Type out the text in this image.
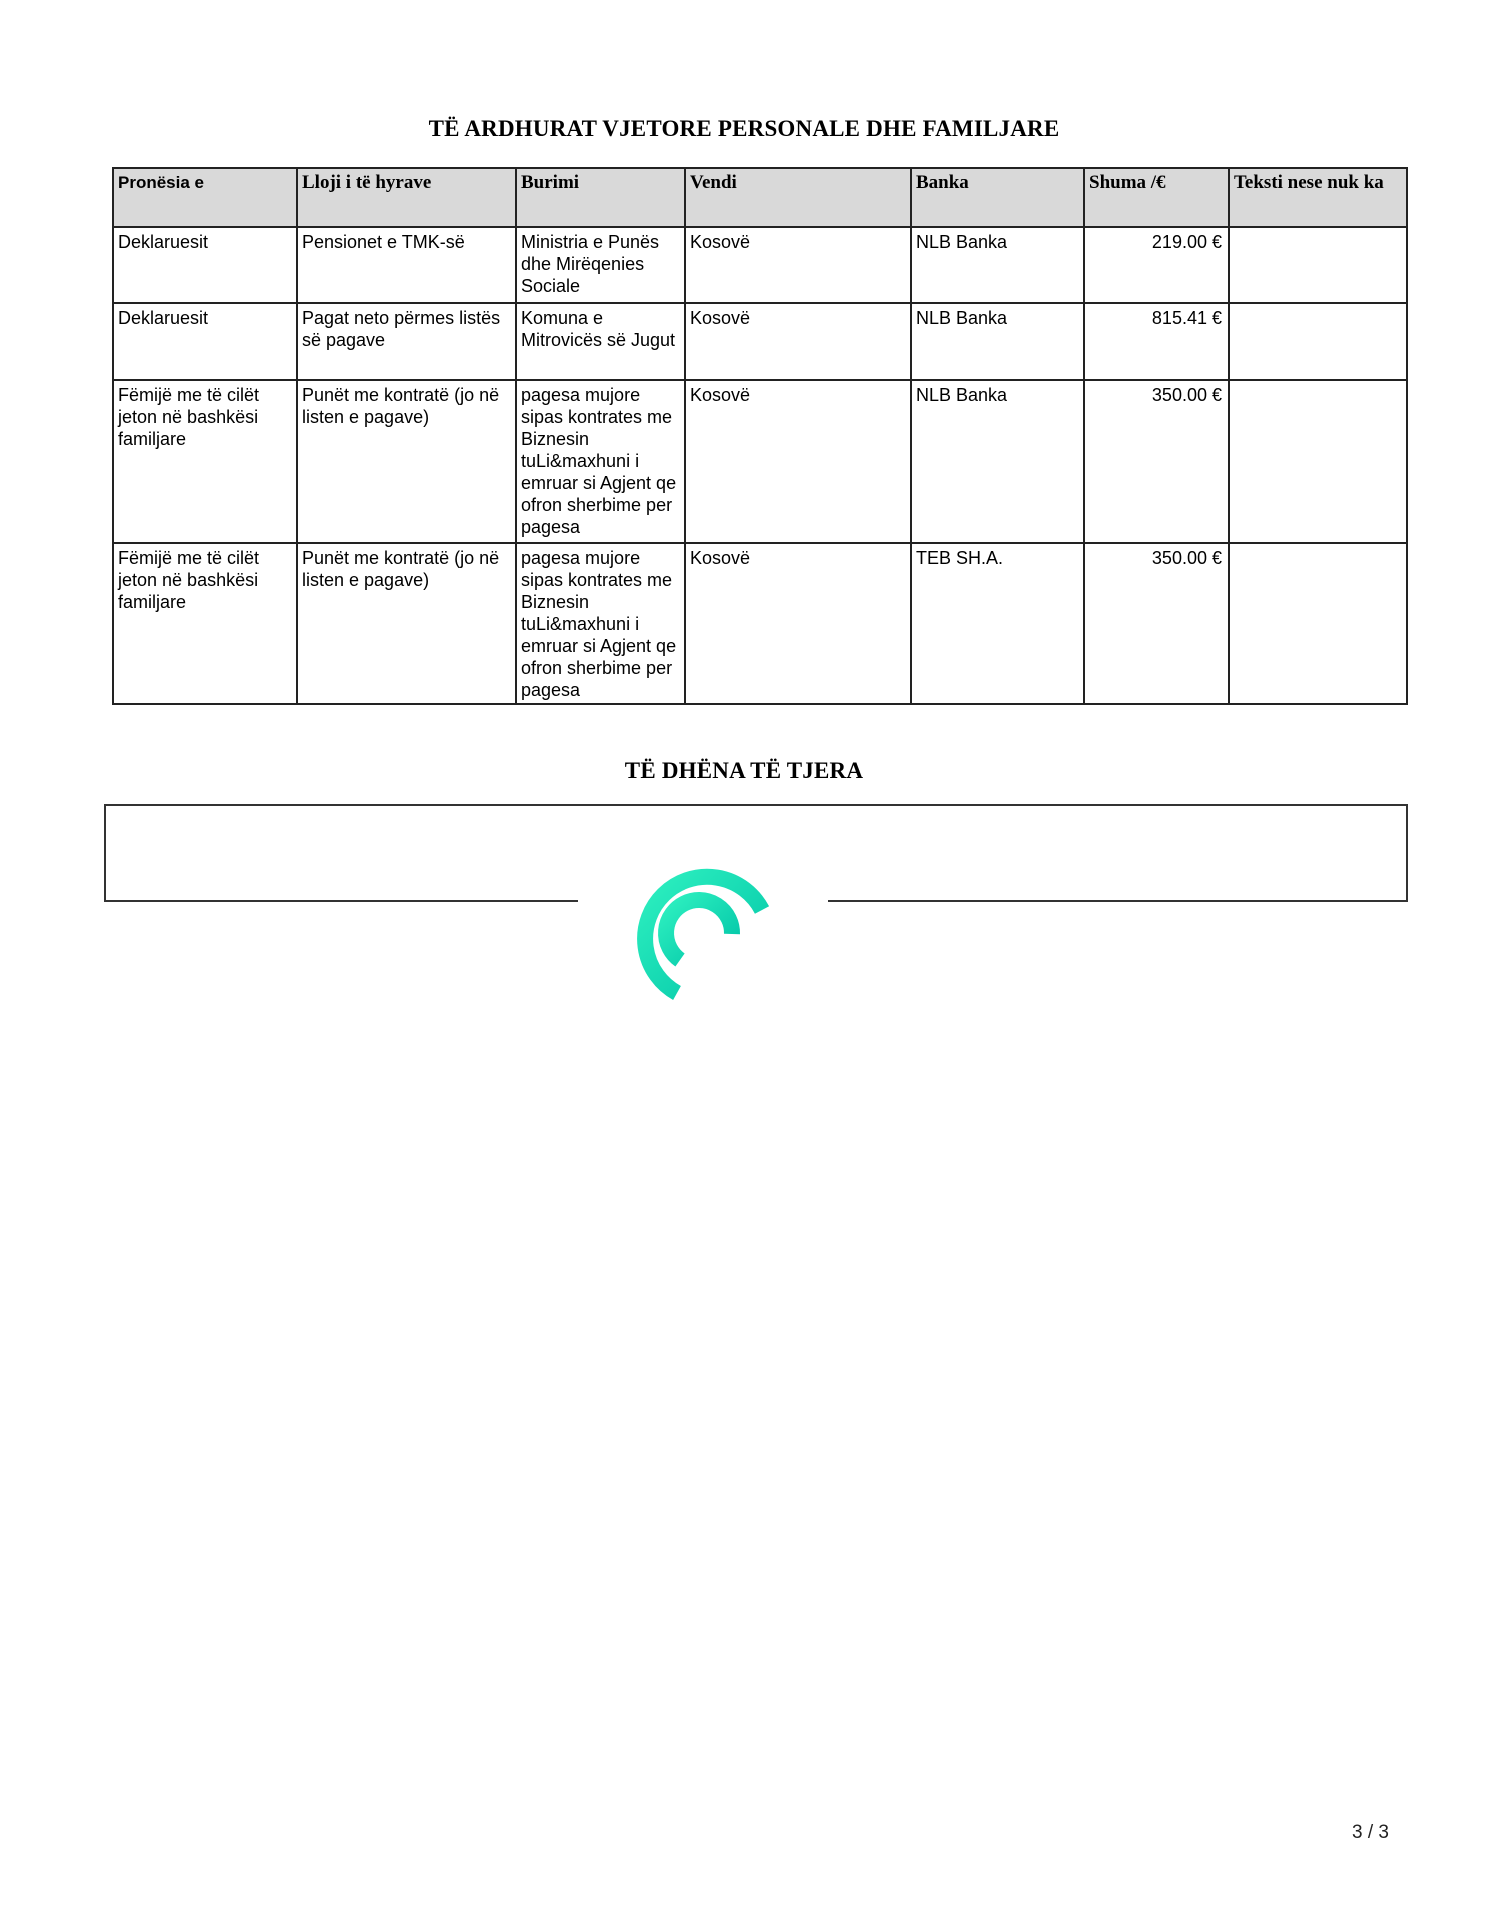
TË ARDHURAT VJETORE PERSONALE DHE FAMILJARE
Pronësia e	Lloji i të hyrave	Burimi	Vendi	Banka	Shuma /€	Teksti nese nuk ka
Deklaruesit	Pensionet e TMK-së	Ministria e Punës dhe Mirëqenies Sociale	Kosovë	NLB Banka	219.00 €	
Deklaruesit	Pagat neto përmes listës së pagave	Komuna e Mitrovicës së Jugut	Kosovë	NLB Banka	815.41 €	
Fëmijë me të cilët jeton në bashkësi familjare	Punët me kontratë (jo në listen e pagave)	pagesa mujore sipas kontrates me Biznesin tuLi&maxhuni i emruar si Agjent qe ofron sherbime per pagesa	Kosovë	NLB Banka	350.00 €	
Fëmijë me të cilët jeton në bashkësi familjare	Punët me kontratë (jo në listen e pagave)	pagesa mujore sipas kontrates me Biznesin tuLi&maxhuni i emruar si Agjent qe ofron sherbime per pagesa	Kosovë	TEB SH.A.	350.00 €	
TË DHËNA TË TJERA
3 / 3
